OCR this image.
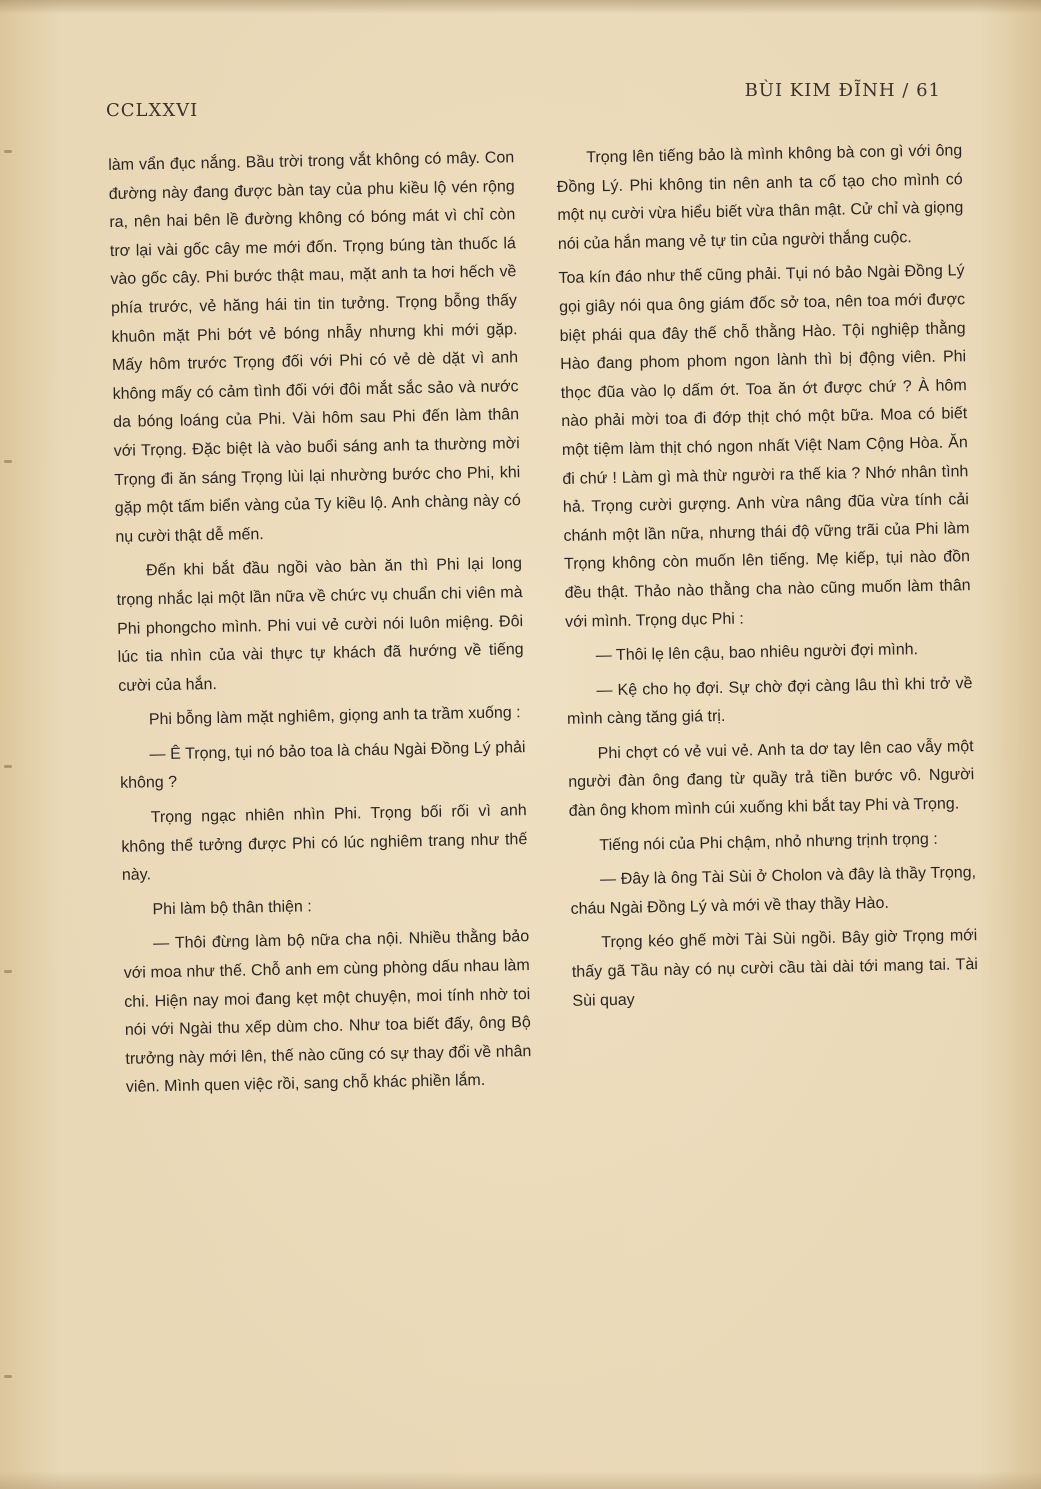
CCLXXVI
BÙI KIM ĐĨNH / 61

làm vẩn đục nắng. Bầu trời trong vắt không có mây. Con đường này đang được bàn tay của phu kiều lộ vén rộng ra, nên hai bên lề đường không có bóng mát vì chỉ còn trơ lại vài gốc cây me mới đốn. Trọng búng tàn thuốc lá vào gốc cây. Phi bước thật mau, mặt anh ta hơi hếch về phía trước, vẻ hăng hái tin tin tưởng. Trọng bỗng thấy khuôn mặt Phi bớt vẻ bóng nhẫy nhưng khi mới gặp. Mấy hôm trước Trọng đối với Phi có vẻ dè dặt vì anh không mấy có cảm tình đối với đôi mắt sắc sảo và nước da bóng loáng của Phi. Vài hôm sau Phi đến làm thân với Trọng. Đặc biệt là vào buổi sáng anh ta thường mời Trọng đi ăn sáng Trọng lùi lại nhường bước cho Phi, khi gặp một tấm biển vàng của Ty kiều lộ. Anh chàng này có nụ cười thật dễ mến.

Đến khi bắt đầu ngồi vào bàn ăn thì Phi lại long trọng nhắc lại một lần nữa về chức vụ chuẩn chi viên mà Phi phongcho mình. Phi vui vẻ cười nói luôn miệng. Đôi lúc tia nhìn của vài thực tự khách đã hướng về tiếng cười của hắn.

Phi bỗng làm mặt nghiêm, giọng anh ta trầm xuống :

— Ê Trọng, tụi nó bảo toa là cháu Ngài Đồng Lý phải không ?

Trọng ngạc nhiên nhìn Phi. Trọng bối rối vì anh không thể tưởng được Phi có lúc nghiêm trang như thế này.

Phi làm bộ thân thiện :

— Thôi đừng làm bộ nữa cha nội. Nhiều thằng bảo với moa như thế. Chỗ anh em cùng phòng dấu nhau làm chi. Hiện nay moi đang kẹt một chuyện, moi tính nhờ toi nói với Ngài thu xếp dùm cho. Như toa biết đấy, ông Bộ trưởng này mới lên, thế nào cũng có sự thay đổi về nhân viên. Mình quen việc rồi, sang chỗ khác phiền lắm.

Trọng lên tiếng bảo là mình không bà con gì với ông Đồng Lý. Phi không tin nên anh ta cố tạo cho mình có một nụ cười vừa hiểu biết vừa thân mật. Cử chỉ và giọng nói của hắn mang vẻ tự tin của người thắng cuộc.

Toa kín đáo như thế cũng phải. Tụi nó bảo Ngài Đồng Lý gọi giây nói qua ông giám đốc sở toa, nên toa mới được biệt phái qua đây thế chỗ thằng Hào. Tội nghiệp thằng Hào đang phom phom ngon lành thì bị động viên. Phi thọc đũa vào lọ dấm ớt. Toa ăn ớt được chứ ? À hôm nào phải mời toa đi đớp thịt chó một bữa. Moa có biết một tiệm làm thịt chó ngon nhất Việt Nam Cộng Hòa. Ăn đi chứ ! Làm gì mà thừ người ra thế kia ? Nhớ nhân tình hả. Trọng cười gượng. Anh vừa nâng đũa vừa tính cải chánh một lần nữa, nhưng thái độ vững trãi của Phi làm Trọng không còn muốn lên tiếng. Mẹ kiếp, tụi nào đồn đều thật. Thảo nào thằng cha nào cũng muốn làm thân với mình. Trọng dục Phi :

— Thôi lẹ lên cậu, bao nhiêu người đợi mình.

— Kệ cho họ đợi. Sự chờ đợi càng lâu thì khi trở về mình càng tăng giá trị.

Phi chợt có vẻ vui vẻ. Anh ta dơ tay lên cao vẫy một người đàn ông đang từ quầy trả tiền bước vô. Người đàn ông khom mình cúi xuống khi bắt tay Phi và Trọng.

Tiếng nói của Phi chậm, nhỏ nhưng trịnh trọng :

— Đây là ông Tài Sùi ở Cholon và đây là thầy Trọng, cháu Ngài Đồng Lý và mới về thay thầy Hào.

Trọng kéo ghế mời Tài Sùi ngồi. Bây giờ Trọng mới thấy gã Tầu này có nụ cười cầu tài dài tới mang tai. Tài Sùi quay
